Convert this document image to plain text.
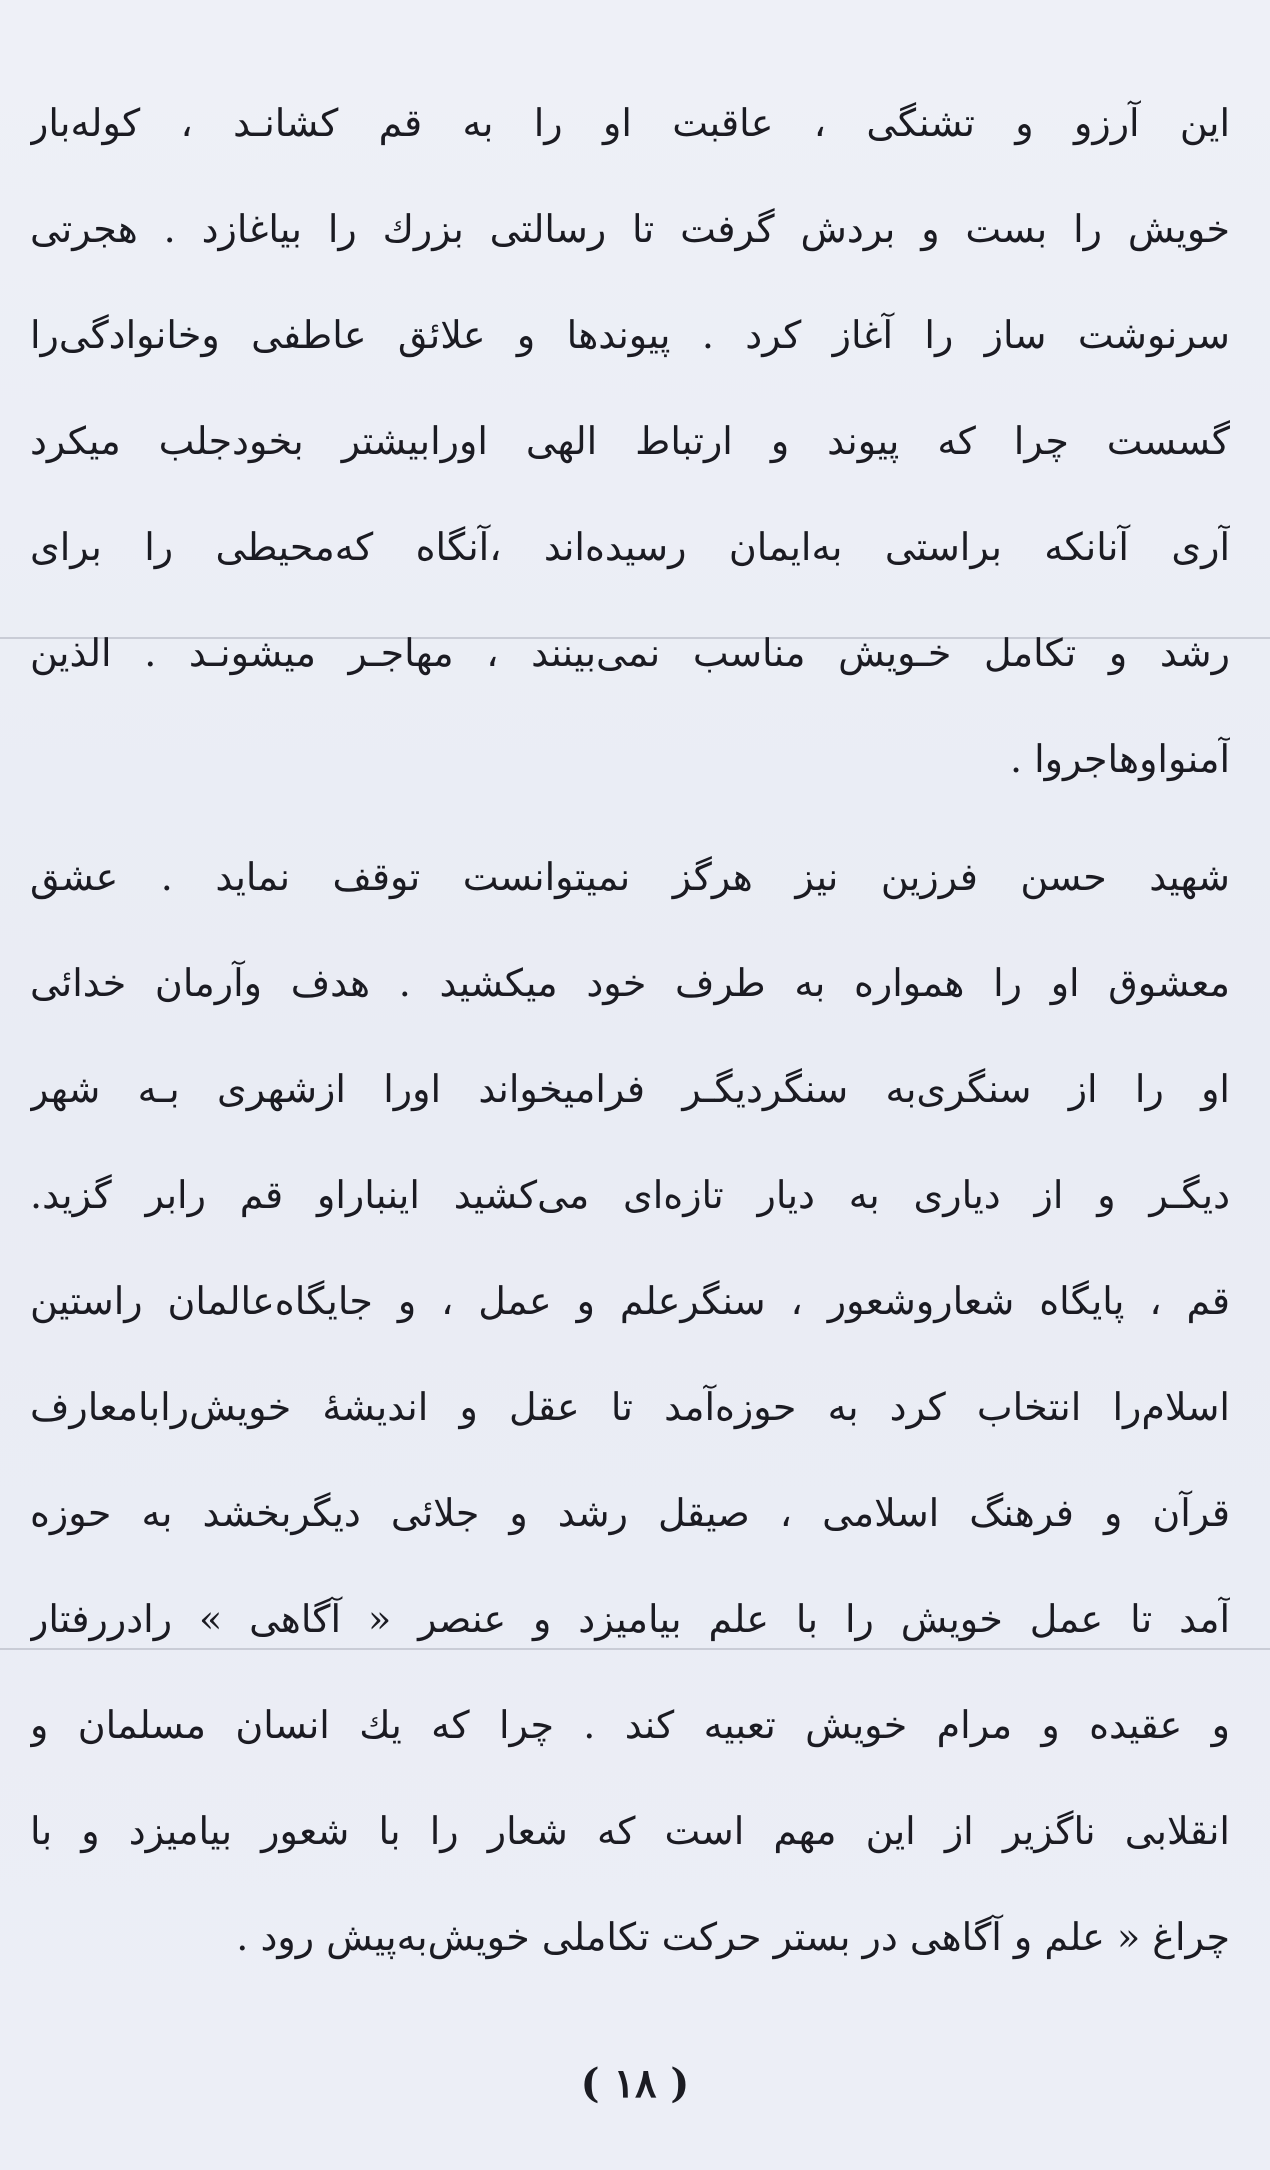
این آرزو و تشنگی ، عاقبت او را به قم کشانـد ، کوله‌بار
خویش را بست و بردش گرفت تا رسالتی بزرك را بیاغازد . هجرتی
سرنوشت ساز را آغاز کرد . پیوندها و علائق عاطفی وخانوادگی‌را
گسست چرا که پیوند و ارتباط الهی اورابیشتر بخودجلب میکرد
آری آنانکه براستی به‌ایمان رسیده‌اند ،آنگاه که‌محیطی را برای
رشد و تکامل خـویش مناسب نمی‌بینند ، مهاجـر میشونـد . الذین
آمنواوهاجروا .
شهید حسن فرزین نیز هرگز نمیتوانست توقف نماید . عشق
معشوق او را همواره به طرف خود میکشید . هدف وآرمان خدائی
او را از سنگری‌به سنگردیگـر فرامیخواند اورا ازشهری بـه شهر
دیگـر و از دیاری به دیار تازه‌ای می‌کشید اینباراو قم رابر گزید.
قم ، پایگاه شعاروشعور ، سنگرعلم و عمل ، و جایگاه‌عالمان راستین
اسلام‌را انتخاب کرد به حوزه‌آمد تا عقل و اندیشهٔ خویش‌رابامعارف
قرآن و فرهنگ اسلامی ، صیقل رشد و جلائی دیگربخشد به حوزه
آمد تا عمل خویش را با علم بیامیزد و عنصر « آگاهی » رادررفتار
و عقیده و مرام خویش تعبیه کند . چرا که یك انسان مسلمان و
انقلابی ناگزیر از این مهم است که شعار را با شعور بیامیزد و با
چراغ « علم و آگاهی در بستر حرکت تکاملی خویش‌به‌پیش رود .
( ۱۸ )
